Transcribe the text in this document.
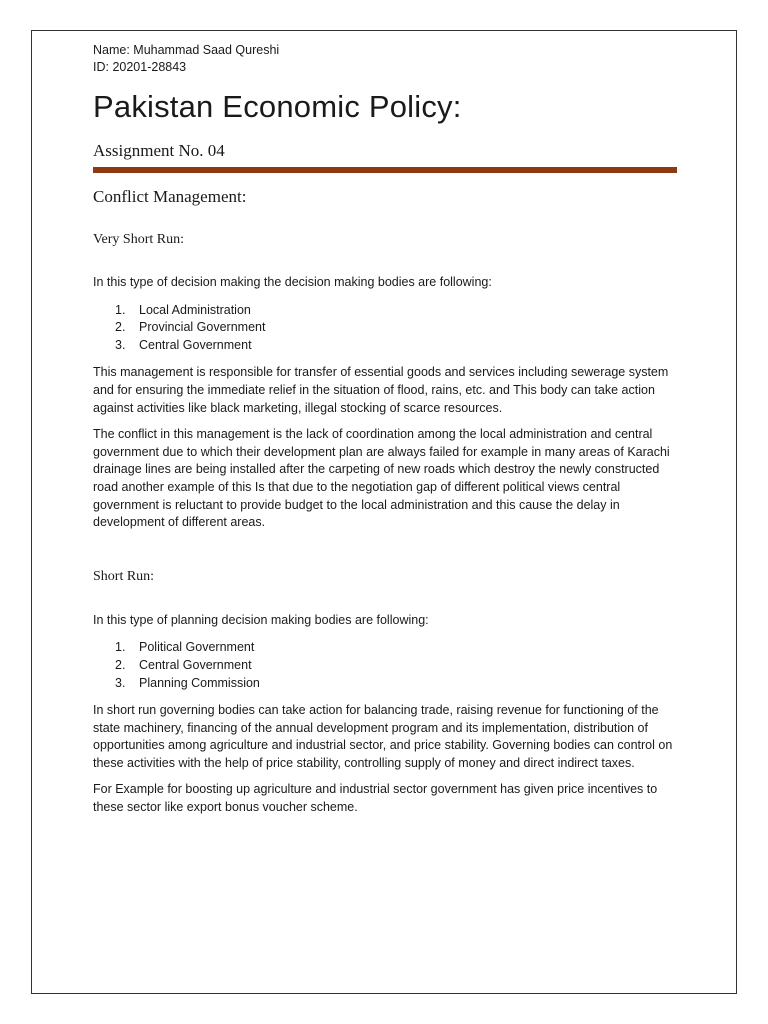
Name: Muhammad Saad Qureshi

ID: 20201-28843

Pakistan Economic Policy:
Assignment No. 04
Conflict Management:
Very Short Run:

In this type of decision making the decision making bodies are following:

1. Local Administration
2. Provincial Government
3. Central Government

This management is responsible for transfer of essential goods and services including sewerage system and for ensuring the immediate relief in the situation of flood, rains, etc. and This body can take action against activities like black marketing, illegal stocking of scarce resources.

The conflict in this management is the lack of coordination among the local administration and central government due to which their development plan are always failed for example in many areas of Karachi drainage lines are being installed after the carpeting of new roads which destroy the newly constructed road another example of this Is that due to the negotiation gap of different political views central government is reluctant to provide budget to the local administration and this cause the delay in development of different areas.

Short Run:

In this type of planning decision making bodies are following:

1. Political Government
2. Central Government
3. Planning Commission

In short run governing bodies can take action for balancing trade, raising revenue for functioning of the state machinery, financing of the annual development program and its implementation, distribution of opportunities among agriculture and industrial sector, and price stability. Governing bodies can control on these activities with the help of price stability, controlling supply of money and direct indirect taxes.

For Example for boosting up agriculture and industrial sector government has given price incentives to these sector like export bonus voucher scheme.
